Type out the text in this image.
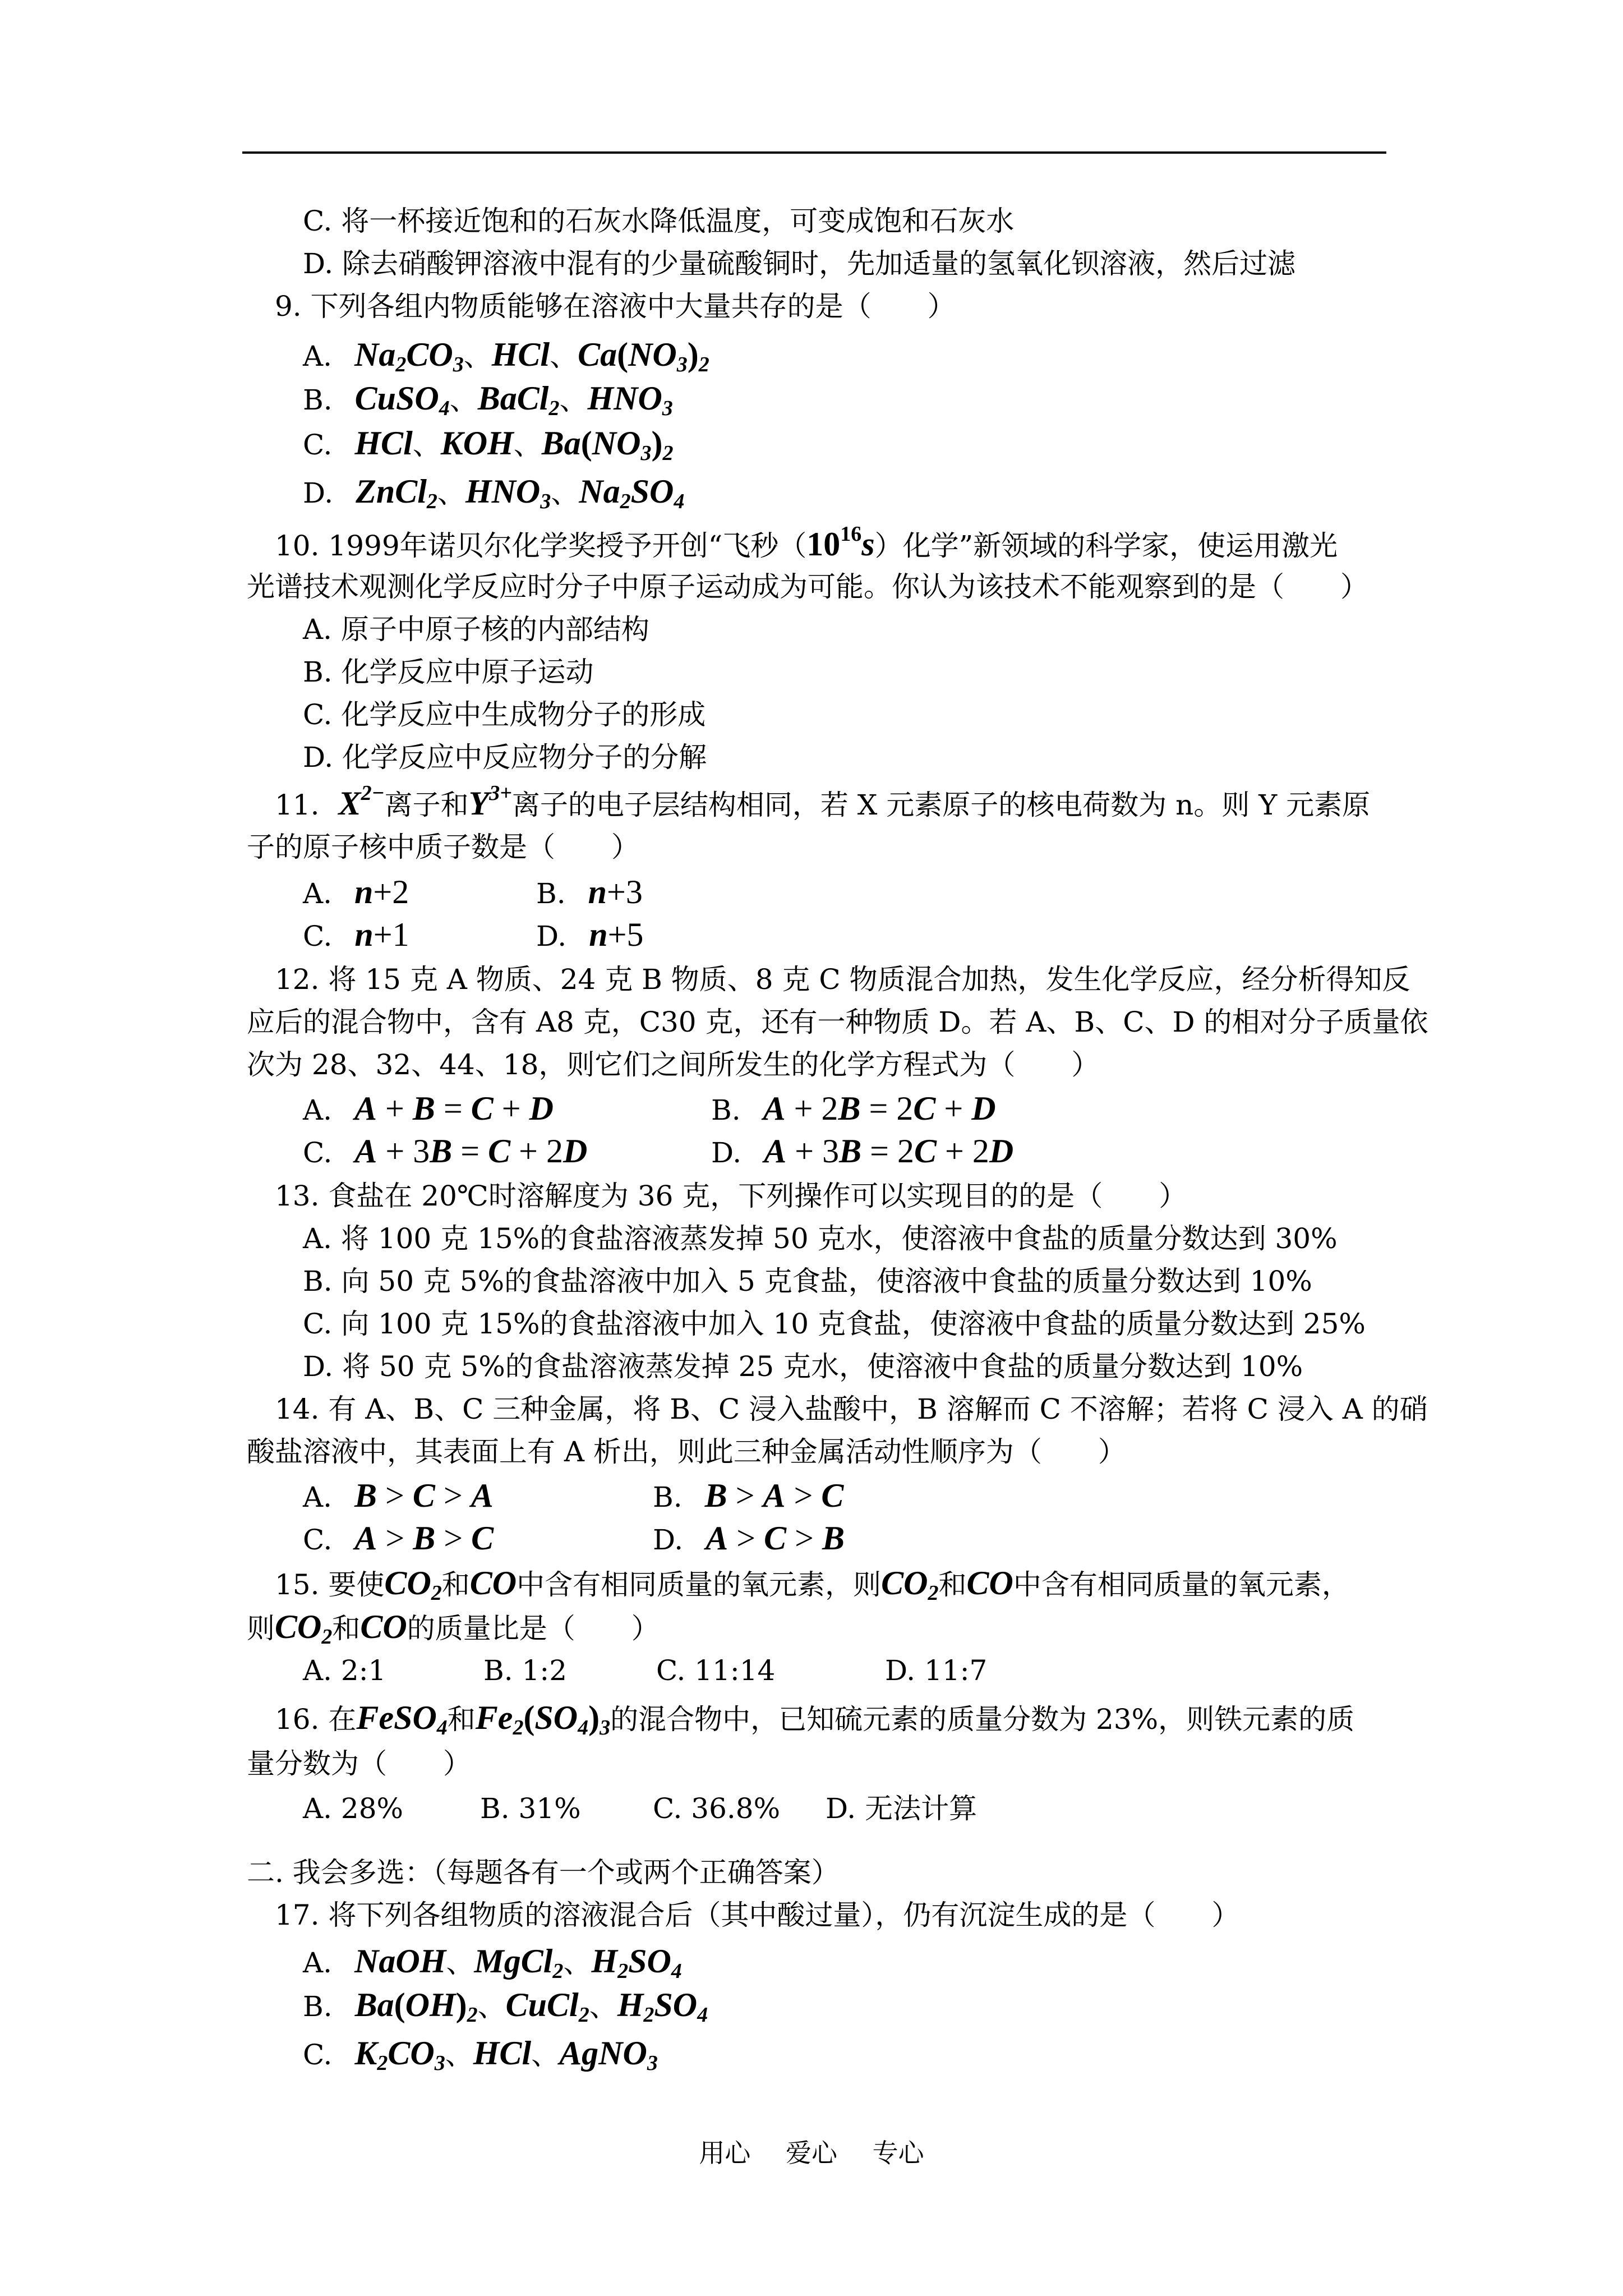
C. 将一杯接近饱和的石灰水降低温度，可变成饱和石灰水
D. 除去硝酸钾溶液中混有的少量硫酸铜时，先加适量的氢氧化钡溶液，然后过滤
9. 下列各组内物质能够在溶液中大量共存的是（　　）
A. $Na_2CO_3$、HCl、$Ca(NO_3)_2$
B. CuSO$_4$、BaCl$_2$、$HNO_3$
C. HCl、KOH、$Ba(NO_3)_2$
D. ZnCl$_2$、$HNO_3$、$Na_2SO_4$
10. 1999年诺贝尔化学奖授予开创“飞秒$(10^{16}s)$化学”新领域的科学家，使运用激光
光谱技术观测化学反应时分子中原子运动成为可能。你认为该技术不能观察到的是（　　）
A. 原子中原子核的内部结构
B. 化学反应中原子运动
C. 化学反应中生成物分子的形成
D. 化学反应中反应物分子的分解
11. $X^{2-}$离子和$Y^{3+}$离子的电子层结构相同，若 X 元素原子的核电荷数为 n。则 Y 元素原
子的原子核中质子数是（　　）
A. n+2	B. n+3
C. n+1	D. n+5
12. 将 15 克 A 物质、24 克 B 物质、8 克 C 物质混合加热，发生化学反应，经分析得知反
应后的混合物中，含有 A8 克，C30 克，还有一种物质 D。若 A、B、C、D 的相对分子质量依
次为 28、32、44、18，则它们之间所发生的化学方程式为（　　）
A. A + B = C + D	B. A + 2B = 2C + D
C. A + 3B = C + 2D	D. A + 3B = 2C + 2D
13. 食盐在 20℃时溶解度为 36 克，下列操作可以实现目的的是（　　）
A. 将 100 克 15%的食盐溶液蒸发掉 50 克水，使溶液中食盐的质量分数达到 30%
B. 向 50 克 5%的食盐溶液中加入 5 克食盐，使溶液中食盐的质量分数达到 10%
C. 向 100 克 15%的食盐溶液中加入 10 克食盐，使溶液中食盐的质量分数达到 25%
D. 将 50 克 5%的食盐溶液蒸发掉 25 克水，使溶液中食盐的质量分数达到 10%
14. 有 A、B、C 三种金属，将 B、C 浸入盐酸中，B 溶解而 C 不溶解；若将 C 浸入 A 的硝
酸盐溶液中，其表面上有 A 析出，则此三种金属活动性顺序为（　　）
A. B > C > A	B. B > A > C
C. A > B > C	D. A > C > B
15. 要使$CO_2$和CO中含有相同质量的氧元素，则$CO_2$和CO中含有相同质量的氧元素，
则$CO_2$和CO的质量比是（　　）
A. 2:1	B. 1:2	C. 11:14	D. 11:7
16. 在FeSO$_4$和$Fe_2(SO_4)_3$的混合物中，已知硫元素的质量分数为 23%，则铁元素的质
量分数为（　　）
A. 28%	B. 31%	C. 36.8% D. 无法计算
二. 我会多选：（每题各有一个或两个正确答案）
17. 将下列各组物质的溶液混合后（其中酸过量），仍有沉淀生成的是（　　）
A. NaOH、MgCl$_2$、$H_2SO_4$
B. $Ba(OH)_2$、CuCl$_2$、$H_2SO_4$
C. $K_2CO_3$、HCl、AgNO$_3$
用心 爱心 专心
